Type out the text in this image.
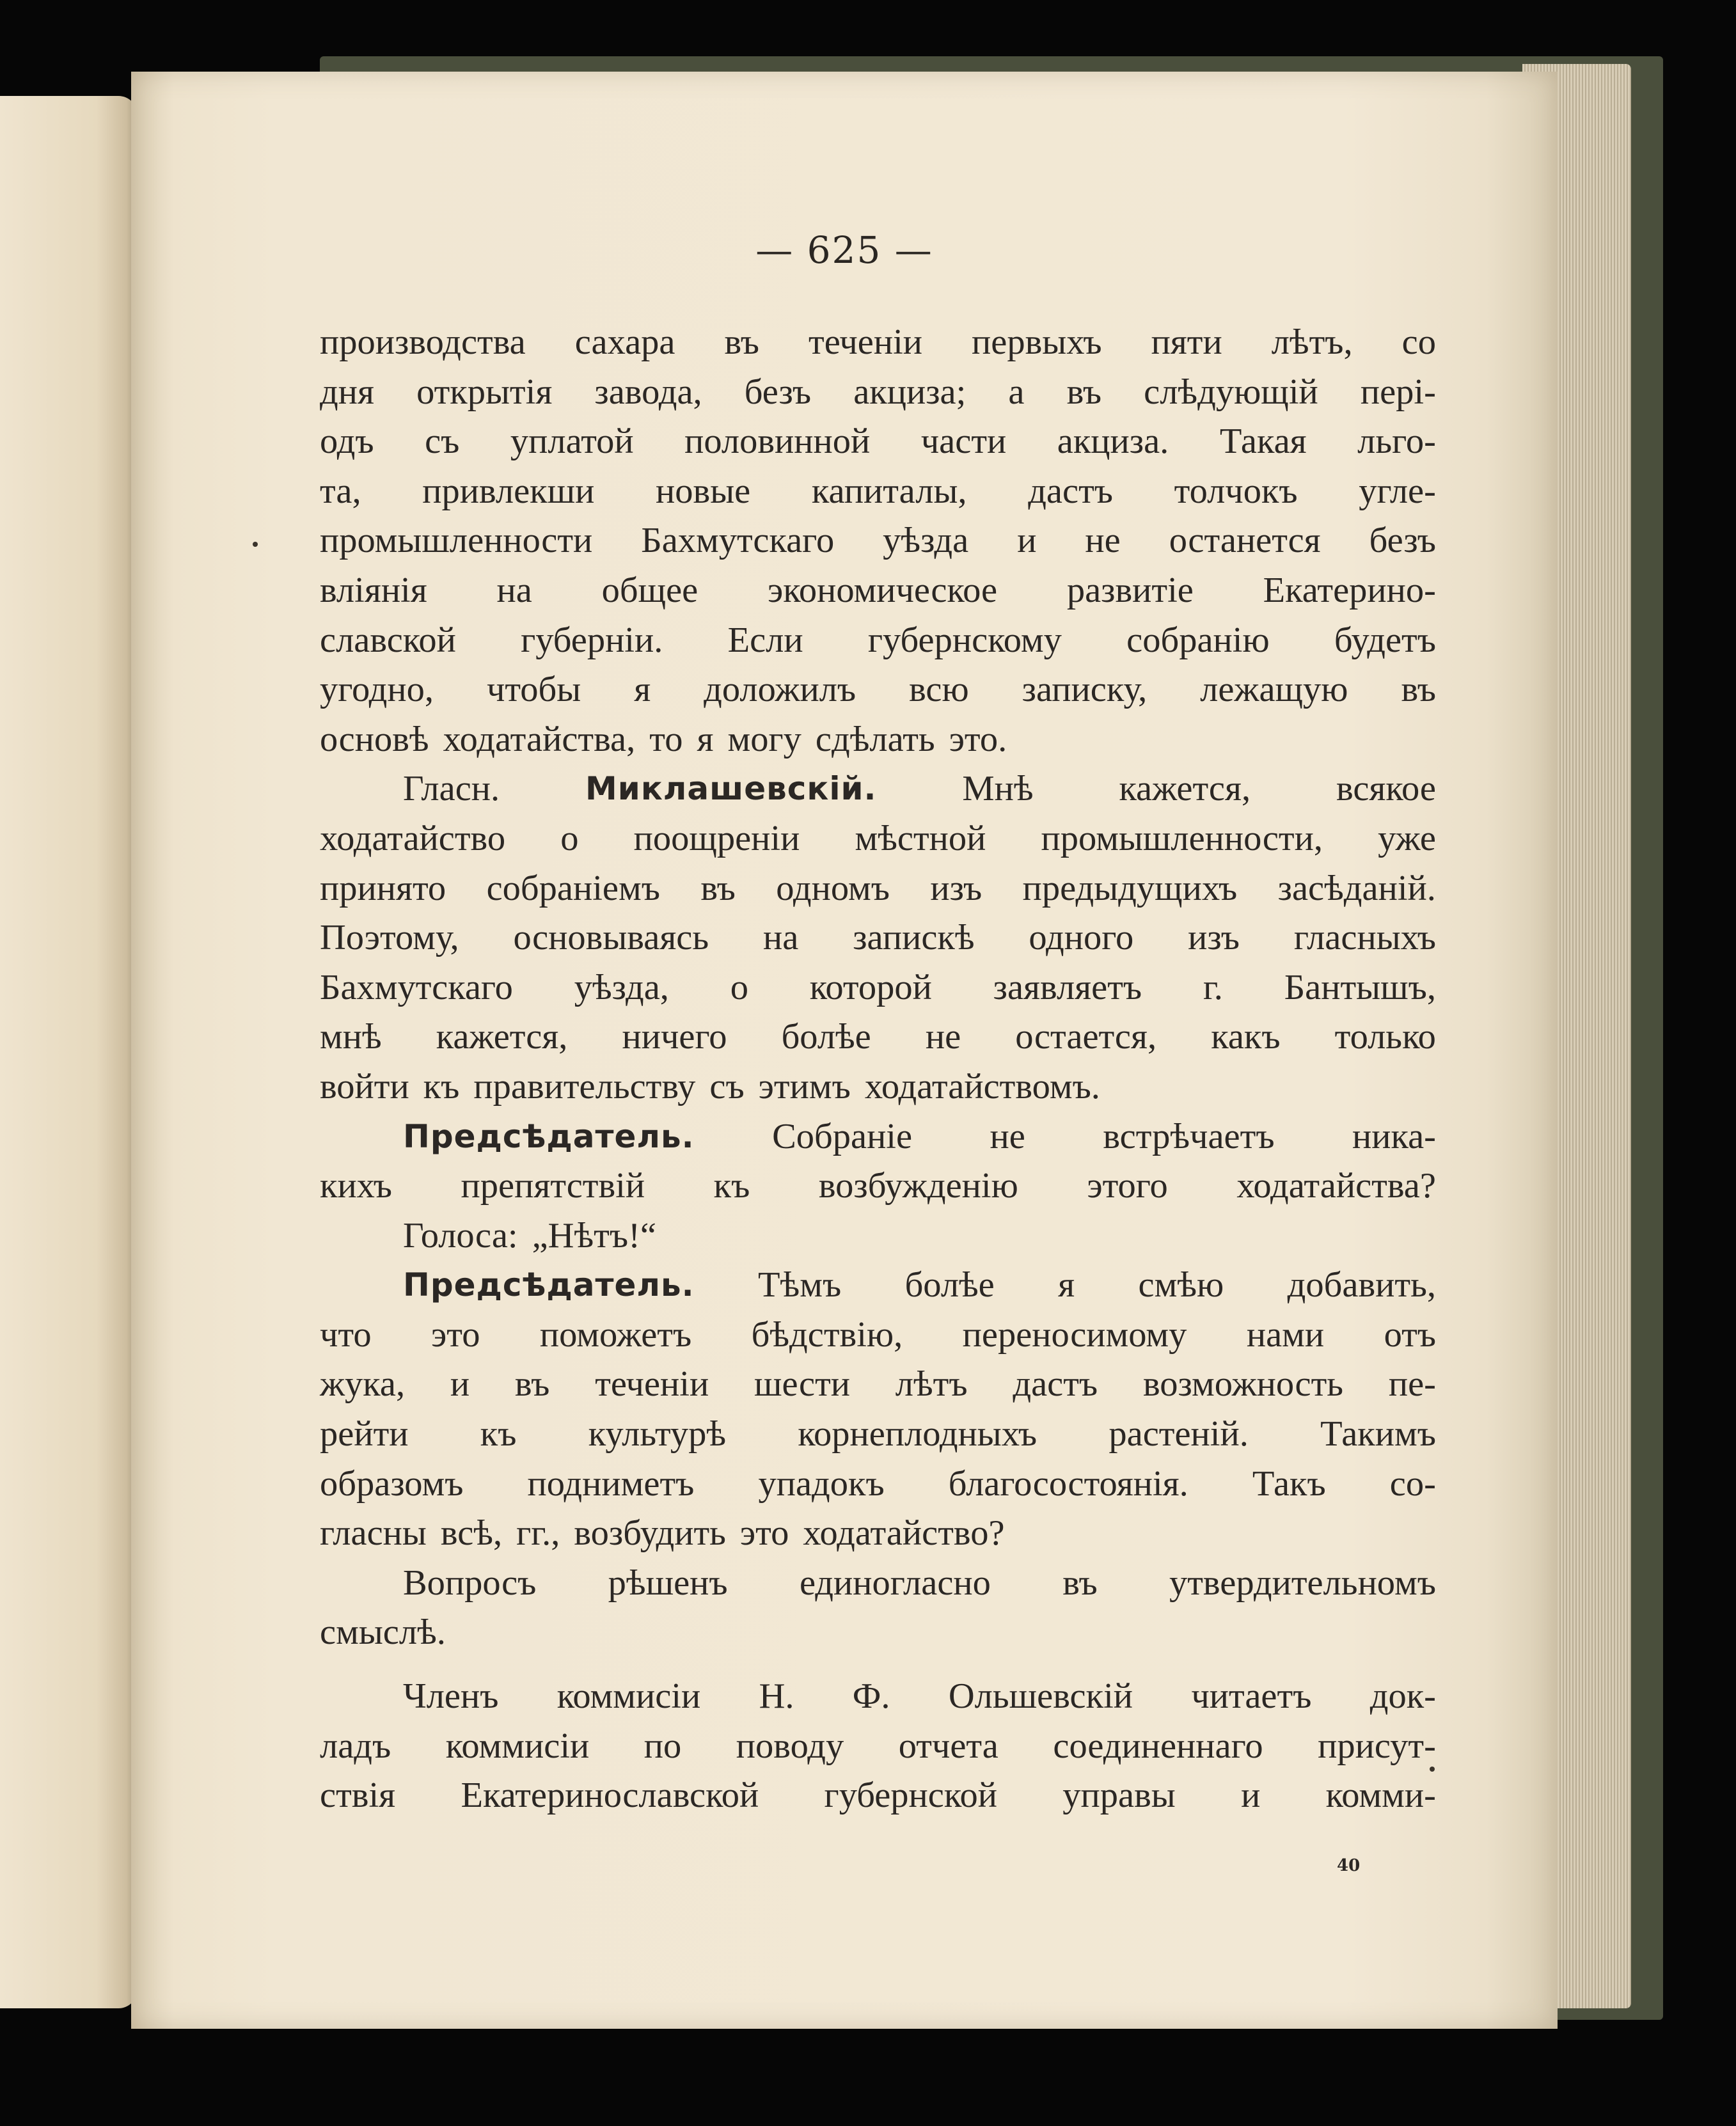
— 625 —
производства сахара въ теченіи первыхъ пяти лѣтъ, со
дня открытія завода, безъ акциза; а въ слѣдующій пері-
одъ съ уплатой половинной части акциза. Такая льго-
та, привлекши новые капиталы, дастъ толчокъ угле-
промышленности Бахмутскаго уѣзда и не останется безъ
вліянія на общее экономическое развитіе Екатерино-
славской губерніи. Если губернскому собранію будетъ
угодно, чтобы я доложилъ всю записку, лежащую въ
основѣ ходатайства, то я могу сдѣлать это.
Гласн.	Миклашевскій. Мнѣ кажется, всякое
ходатайство о поощреніи мѣстной промышленности, уже
принято собраніемъ въ одномъ изъ предыдущихъ засѣданій.
Поэтому, основываясь на запискѣ одного изъ гласныхъ
Бахмутскаго уѣзда, о которой заявляетъ г. Бантышъ,
мнѣ кажется, ничего болѣе не остается, какъ только
войти къ правительству съ этимъ ходатайствомъ.
Предсѣдатель. Собраніе не встрѣчаетъ ника-
кихъ препятствій къ возбужденію этого ходатайства?
Голоса: „Нѣтъ!“
Предсѣдатель. Тѣмъ болѣе я смѣю добавить,
что это поможетъ бѣдствію, переносимому нами отъ
жука, и въ теченіи шести лѣтъ дастъ возможность пе-
рейти къ культурѣ корнеплодныхъ растеній. Такимъ
образомъ подниметъ упадокъ благосостоянія. Такъ со-
гласны всѣ, гг., возбудить это ходатайство?
Вопросъ рѣшенъ единогласно въ утвердительномъ
смыслѣ.
Членъ коммисіи Н. Ф. Ольшевскій читаетъ док-
ладъ коммисіи по поводу отчета соединеннаго присут-
ствія Екатеринославской губернской управы и комми-
40
